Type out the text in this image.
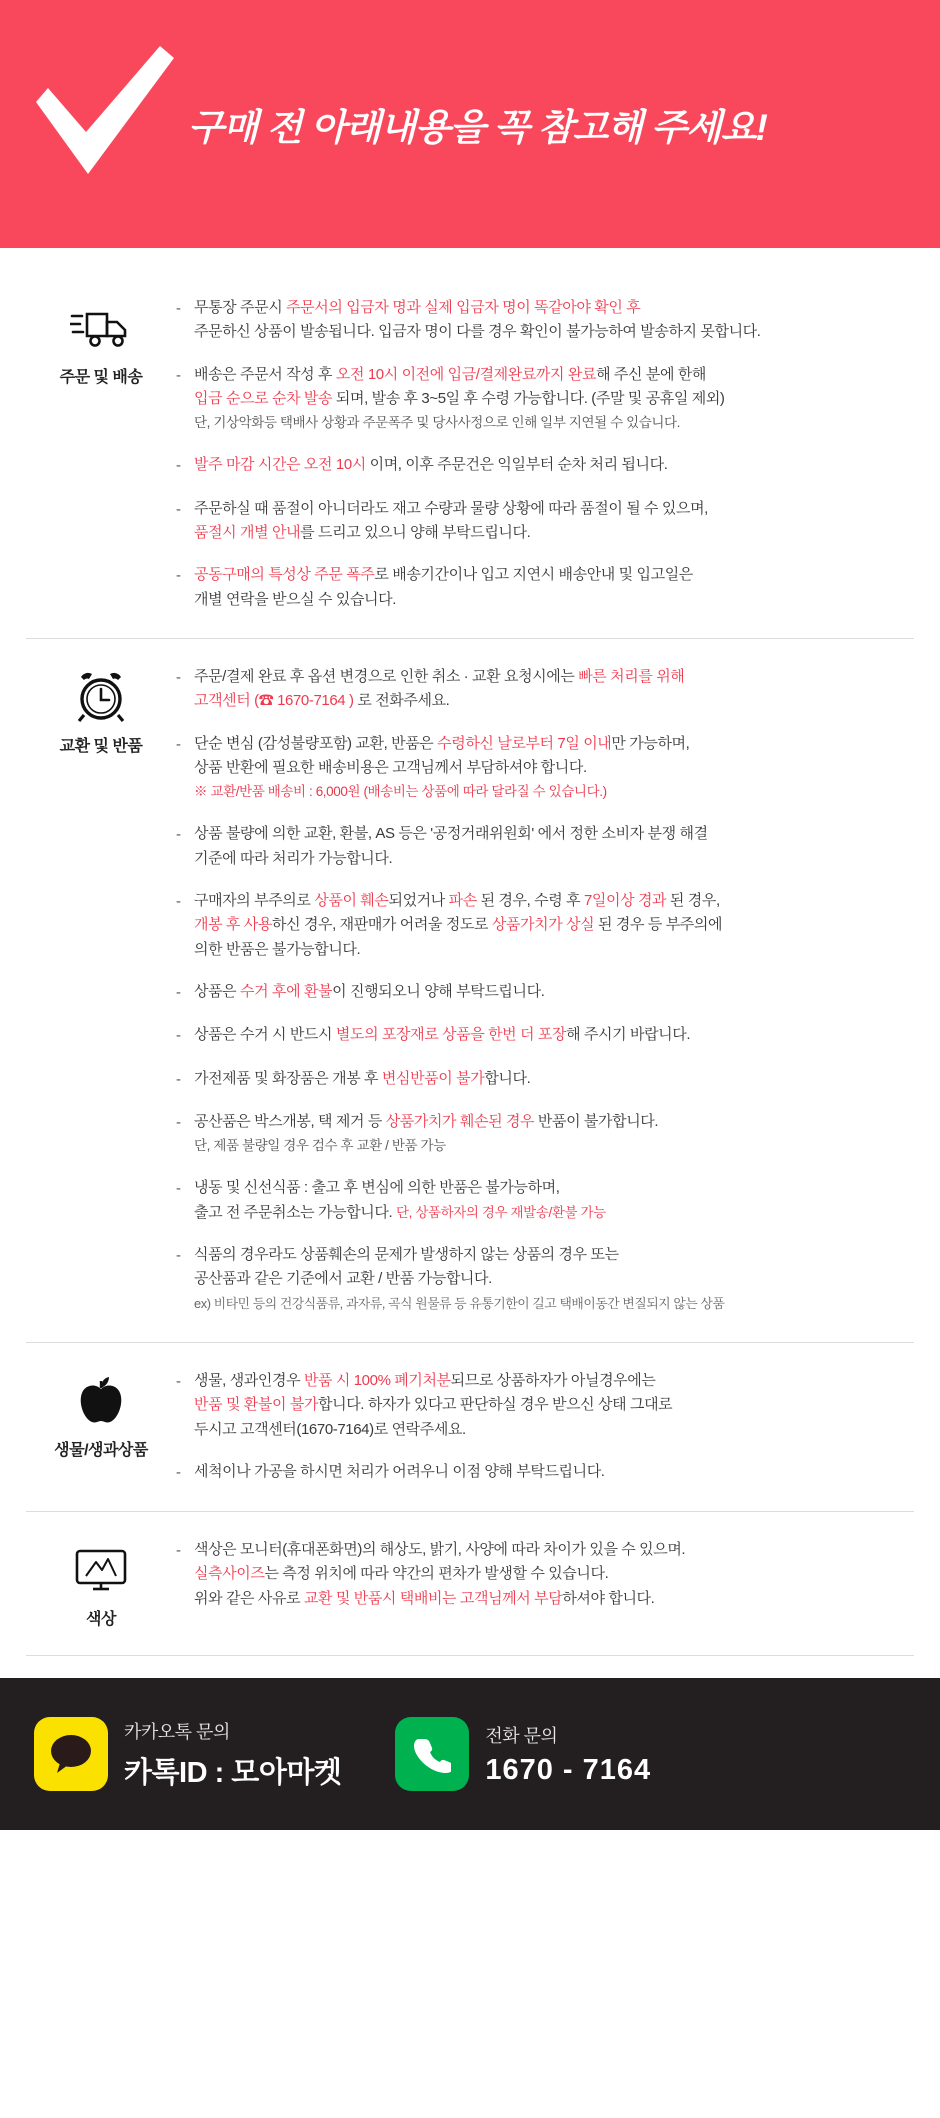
구매 전 아래내용을 꼭 참고해 주세요!
주문 및 배송
- 무통장 주문시 주문서의 입금자 명과 실제 입금자 명이 똑같아야 확인 후
주문하신 상품이 발송됩니다. 입금자 명이 다를 경우 확인이 불가능하여 발송하지 못합니다.
- 배송은 주문서 작성 후 오전 10시 이전에 입금/결제완료까지 완료해 주신 분에 한해
입금 순으로 순차 발송 되며, 발송 후 3~5일 후 수령 가능합니다. (주말 및 공휴일 제외)
단, 기상악화등 택배사 상황과 주문폭주 및 당사사정으로 인해 일부 지연될 수 있습니다.
- 발주 마감 시간은 오전 10시 이며, 이후 주문건은 익일부터 순차 처리 됩니다.
- 주문하실 때 품절이 아니더라도 재고 수량과 물량 상황에 따라 품절이 될 수 있으며,
품절시 개별 안내를 드리고 있으니 양해 부탁드립니다.
- 공동구매의 특성상 주문 폭주로 배송기간이나 입고 지연시 배송안내 및 입고일은
개별 연락을 받으실 수 있습니다.
교환 및 반품
- 주문/결제 완료 후 옵션 변경으로 인한 취소 · 교환 요청시에는 빠른 처리를 위해
고객센터 (☎ 1670-7164 ) 로 전화주세요.
- 단순 변심 (감성불량포함) 교환, 반품은 수령하신 날로부터 7일 이내만 가능하며,
상품 반환에 필요한 배송비용은 고객님께서 부담하셔야 합니다.
※ 교환/반품 배송비 : 6,000원 (배송비는 상품에 따라 달라질 수 있습니다.)
- 상품 불량에 의한 교환, 환불, AS 등은 '공정거래위원회' 에서 정한 소비자 분쟁 해결
기준에 따라 처리가 가능합니다.
- 구매자의 부주의로 상품이 훼손되었거나 파손 된 경우, 수령 후 7일이상 경과 된 경우,
개봉 후 사용하신 경우, 재판매가 어려울 정도로 상품가치가 상실 된 경우 등 부주의에
의한 반품은 불가능합니다.
- 상품은 수거 후에 환불이 진행되오니 양해 부탁드립니다.
- 상품은 수거 시 반드시 별도의 포장재로 상품을 한번 더 포장해 주시기 바랍니다.
- 가전제품 및 화장품은 개봉 후 변심반품이 불가합니다.
- 공산품은 박스개봉, 택 제거 등 상품가치가 훼손된 경우 반품이 불가합니다.
단, 제품 불량일 경우 검수 후 교환 / 반품 가능
- 냉동 및 신선식품 : 출고 후 변심에 의한 반품은 불가능하며,
출고 전 주문취소는 가능합니다. 단, 상품하자의 경우 재발송/환불 가능
- 식품의 경우라도 상품훼손의 문제가 발생하지 않는 상품의 경우 또는
공산품과 같은 기준에서 교환 / 반품 가능합니다.
ex) 비타민 등의 건강식품류, 과자류, 곡식 원물류 등 유통기한이 길고 택배이동간 변질되지 않는 상품
생물/생과상품
- 생물, 생과인경우 반품 시 100% 폐기처분되므로 상품하자가 아닐경우에는
반품 및 환불이 불가합니다. 하자가 있다고 판단하실 경우 받으신 상태 그대로
두시고 고객센터(1670-7164)로 연락주세요.
- 세척이나 가공을 하시면 처리가 어려우니 이점 양해 부탁드립니다.
색상
- 색상은 모니터(휴대폰화면)의 해상도, 밝기, 사양에 따라 차이가 있을 수 있으며.
실측사이즈는 측정 위치에 따라 약간의 편차가 발생할 수 있습니다.
위와 같은 사유로 교환 및 반품시 택배비는 고객님께서 부담하셔야 합니다.
카카오톡 문의
카톡ID : 모아마켓
전화 문의
1670 - 7164
